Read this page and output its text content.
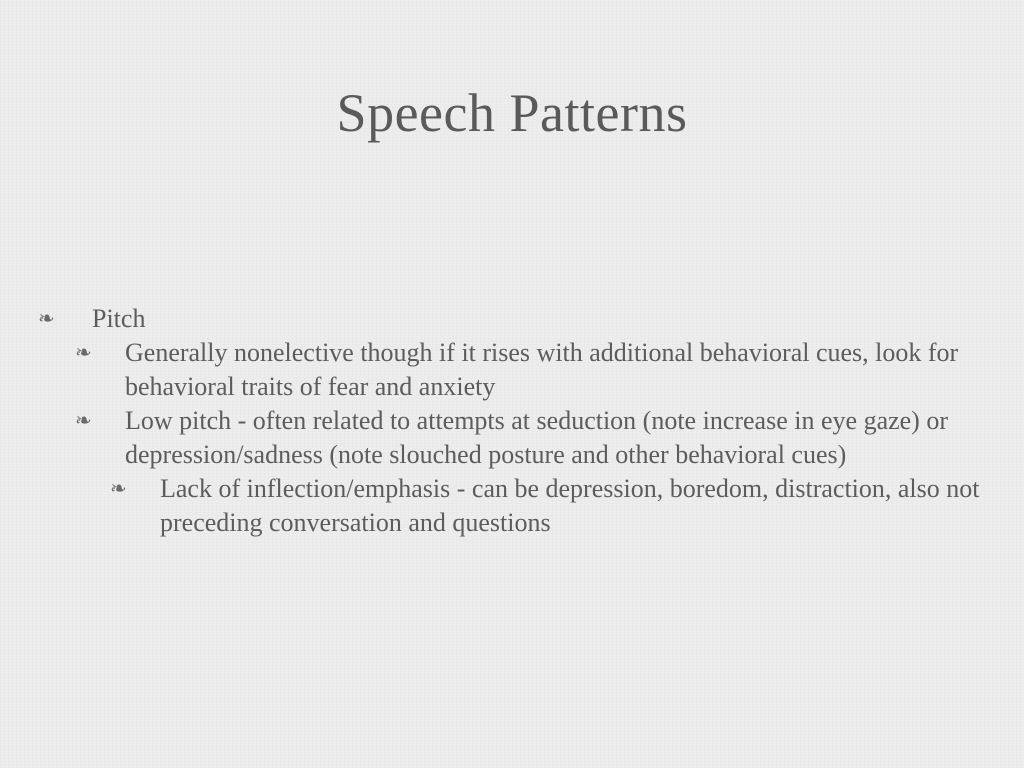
Speech Patterns
❧ Pitch
❧ Generally nonelective though if it rises with additional behavioral cues, look for behavioral traits of fear and anxiety
❧ Low pitch - often related to attempts at seduction (note increase in eye gaze) or depression/sadness (note slouched posture and other behavioral cues)
❧ Lack of inflection/emphasis - can be depression, boredom, distraction, also not preceding conversation and questions
